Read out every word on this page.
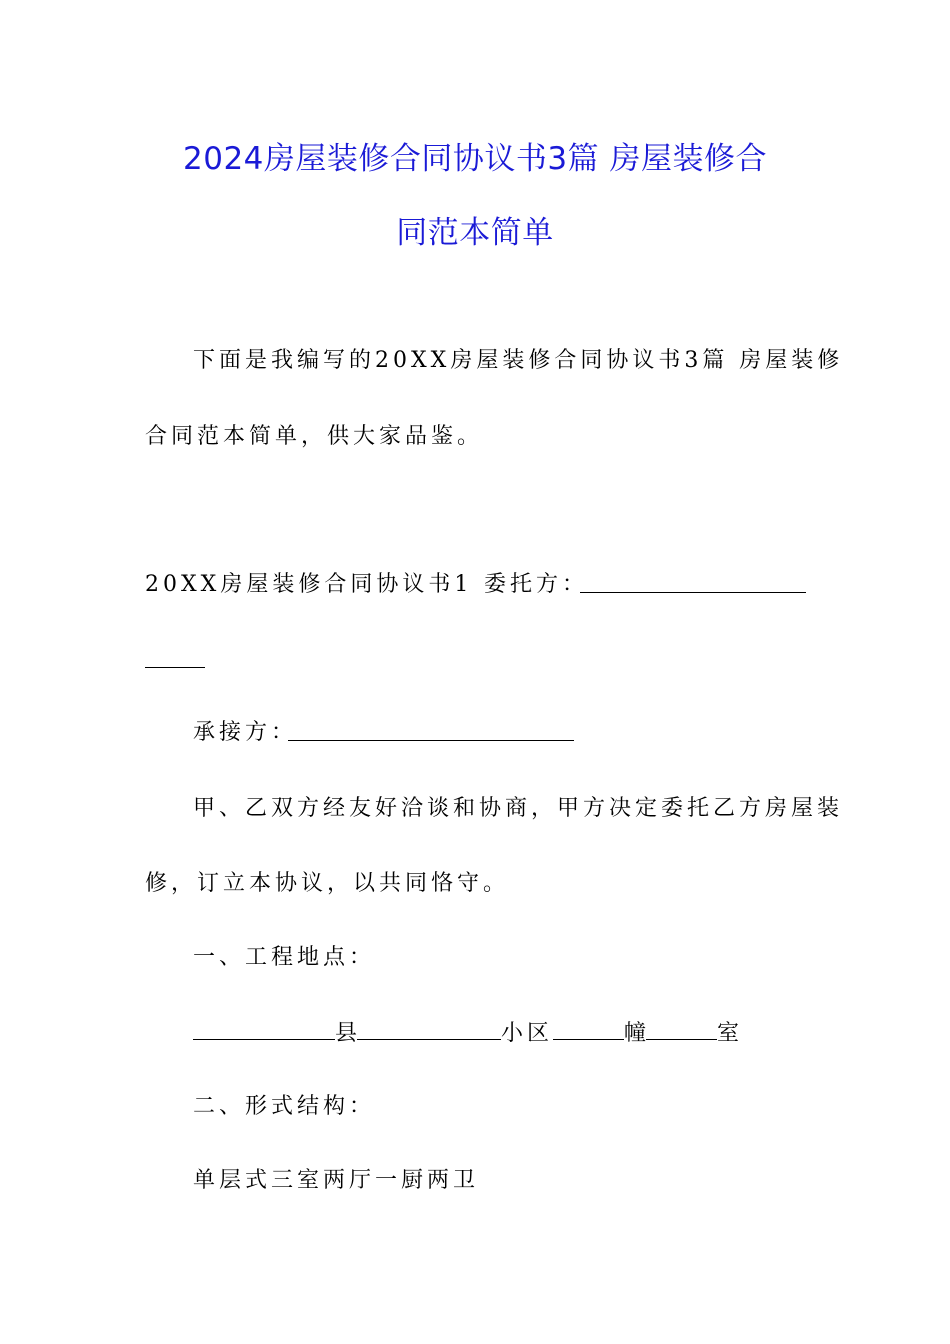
2024房屋装修合同协议书3篇 房屋装修合
同范本简单
下面是我编写的20XX房屋装修合同协议书3篇 房屋装修
合同范本简单，供大家品鉴。
20XX房屋装修合同协议书1 委托方：
承接方：
甲、乙双方经友好洽谈和协商，甲方决定委托乙方房屋装
修，订立本协议，以共同恪守。
一、工程地点：
县	小区	幢	室
二、形式结构：
单层式三室两厅一厨两卫
